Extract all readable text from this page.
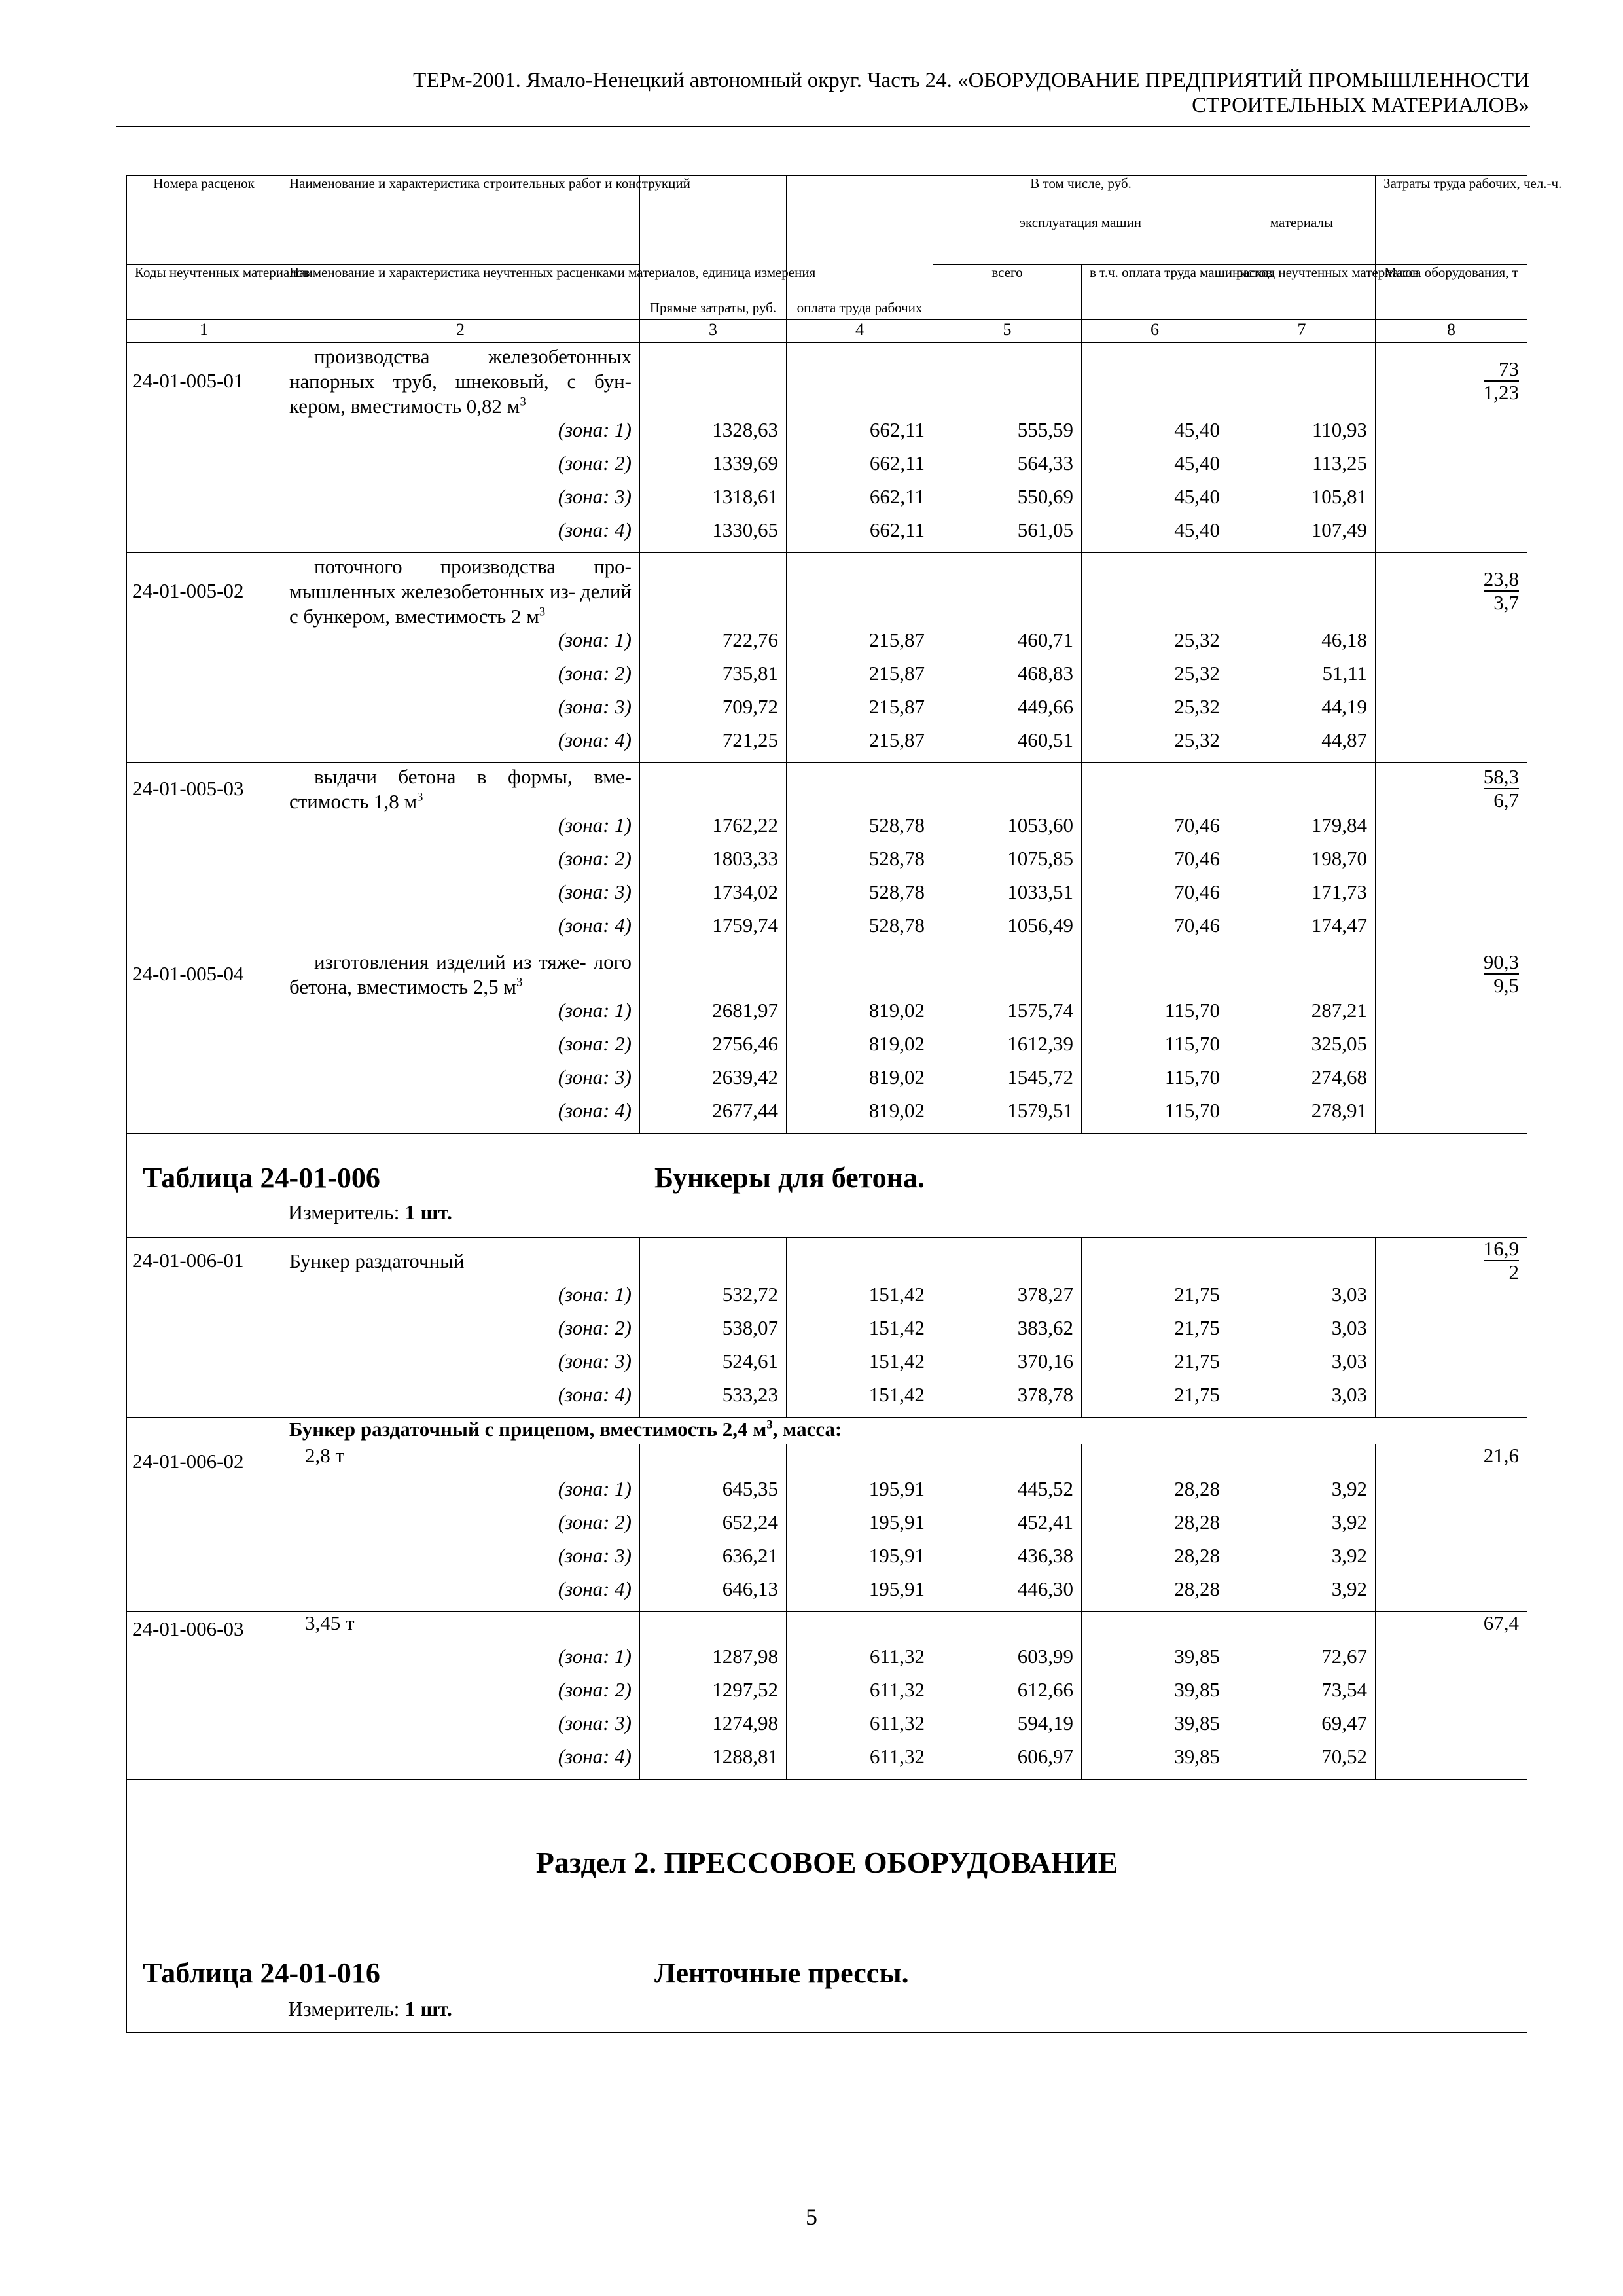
ТЕРм-2001. Ямало-Ненецкий автономный округ. Часть 24. «ОБОРУДОВАНИЕ ПРЕДПРИЯТИЙ ПРОМЫШЛЕННОСТИ
СТРОИТЕЛЬНЫХ МАТЕРИАЛОВ»
Номера расценок	Наименование и характеристика строительных работ и конструкций	Прямые затраты, руб.	В том числе, руб.				Затраты труда рабочих, чел.-ч.
			оплата труда рабочих	эксплуатация машин		материалы	
Коды неучтенных материалов	Наименование и характеристика неучтенных расценками материалов, единица измерения			всего	в т.ч. оплата труда машинистов	расход неучтенных материалов	Масса оборудования, т
1	2	3	4	5	6	7	8
24-01-005-01	производства железобетонных напорных труб, шнековый, с бун- кером, вместимость 0,82 $м^3$						$\frac{73}{1,23}$

	(зона: 1)	1328,63	662,11	555,59	45,40	110,93	
	(зона: 2)	1339,69	662,11	564,33	45,40	113,25	
	(зона: 3)	1318,61	662,11	550,69	45,40	105,81	
	(зона: 4)	1330,65	662,11	561,05	45,40	107,49	
24-01-005-02	поточного производства про- мышленных железобетонных из- делий с бункером, вместимость 2 $м^3$						$\frac{23,8}{3,7}$

	(зона: 1)	722,76	215,87	460,71	25,32	46,18	
	(зона: 2)	735,81	215,87	468,83	25,32	51,11	
	(зона: 3)	709,72	215,87	449,66	25,32	44,19	
	(зона: 4)	721,25	215,87	460,51	25,32	44,87	
24-01-005-03	выдачи бетона в формы, вме- стимость 1,8 $м^3$						$\frac{58,3}{6,7}$

	(зона: 1)	1762,22	528,78	1053,60	70,46	179,84	
	(зона: 2)	1803,33	528,78	1075,85	70,46	198,70	
	(зона: 3)	1734,02	528,78	1033,51	70,46	171,73	
	(зона: 4)	1759,74	528,78	1056,49	70,46	174,47	
24-01-005-04	изготовления изделий из тяже- лого бетона, вместимость 2,5 $м^3$						$\frac{90,3}{9,5}$

	(зона: 1)	2681,97	819,02	1575,74	115,70	287,21	
	(зона: 2)	2756,46	819,02	1612,39	115,70	325,05	
	(зона: 3)	2639,42	819,02	1545,72	115,70	274,68	
	(зона: 4)	2677,44	819,02	1579,51	115,70	278,91	

Таблица 24-01-006 Бункеры для бетона.
Измеритель: 1 шт.							

24-01-006-01	Бункер раздаточный						$\frac{16,9}{2}$

	(зона: 1)	532,72	151,42	378,27	21,75	3,03	
	(зона: 2)	538,07	151,42	383,62	21,75	3,03	
	(зона: 3)	524,61	151,42	370,16	21,75	3,03	
	(зона: 4)	533,23	151,42	378,78	21,75	3,03	
	Бункер раздаточный с прицепом, вместимость 2,4 $м^3$, масса:						
24-01-006-02	2,8 т						21,6
	(зона: 1)	645,35	195,91	445,52	28,28	3,92	
	(зона: 2)	652,24	195,91	452,41	28,28	3,92	
	(зона: 3)	636,21	195,91	436,38	28,28	3,92	
	(зона: 4)	646,13	195,91	446,30	28,28	3,92	
24-01-006-03	3,45 т						67,4
	(зона: 1)	1287,98	611,32	603,99	39,85	72,67	
	(зона: 2)	1297,52	611,32	612,66	39,85	73,54	
	(зона: 3)	1274,98	611,32	594,19	39,85	69,47	
	(зона: 4)	1288,81	611,32	606,97	39,85	70,52	

Раздел 2. ПРЕССОВОЕ ОБОРУДОВАНИЕ
Таблица 24-01-016 Ленточные прессы.
Измеритель: 1 шт.							
5
